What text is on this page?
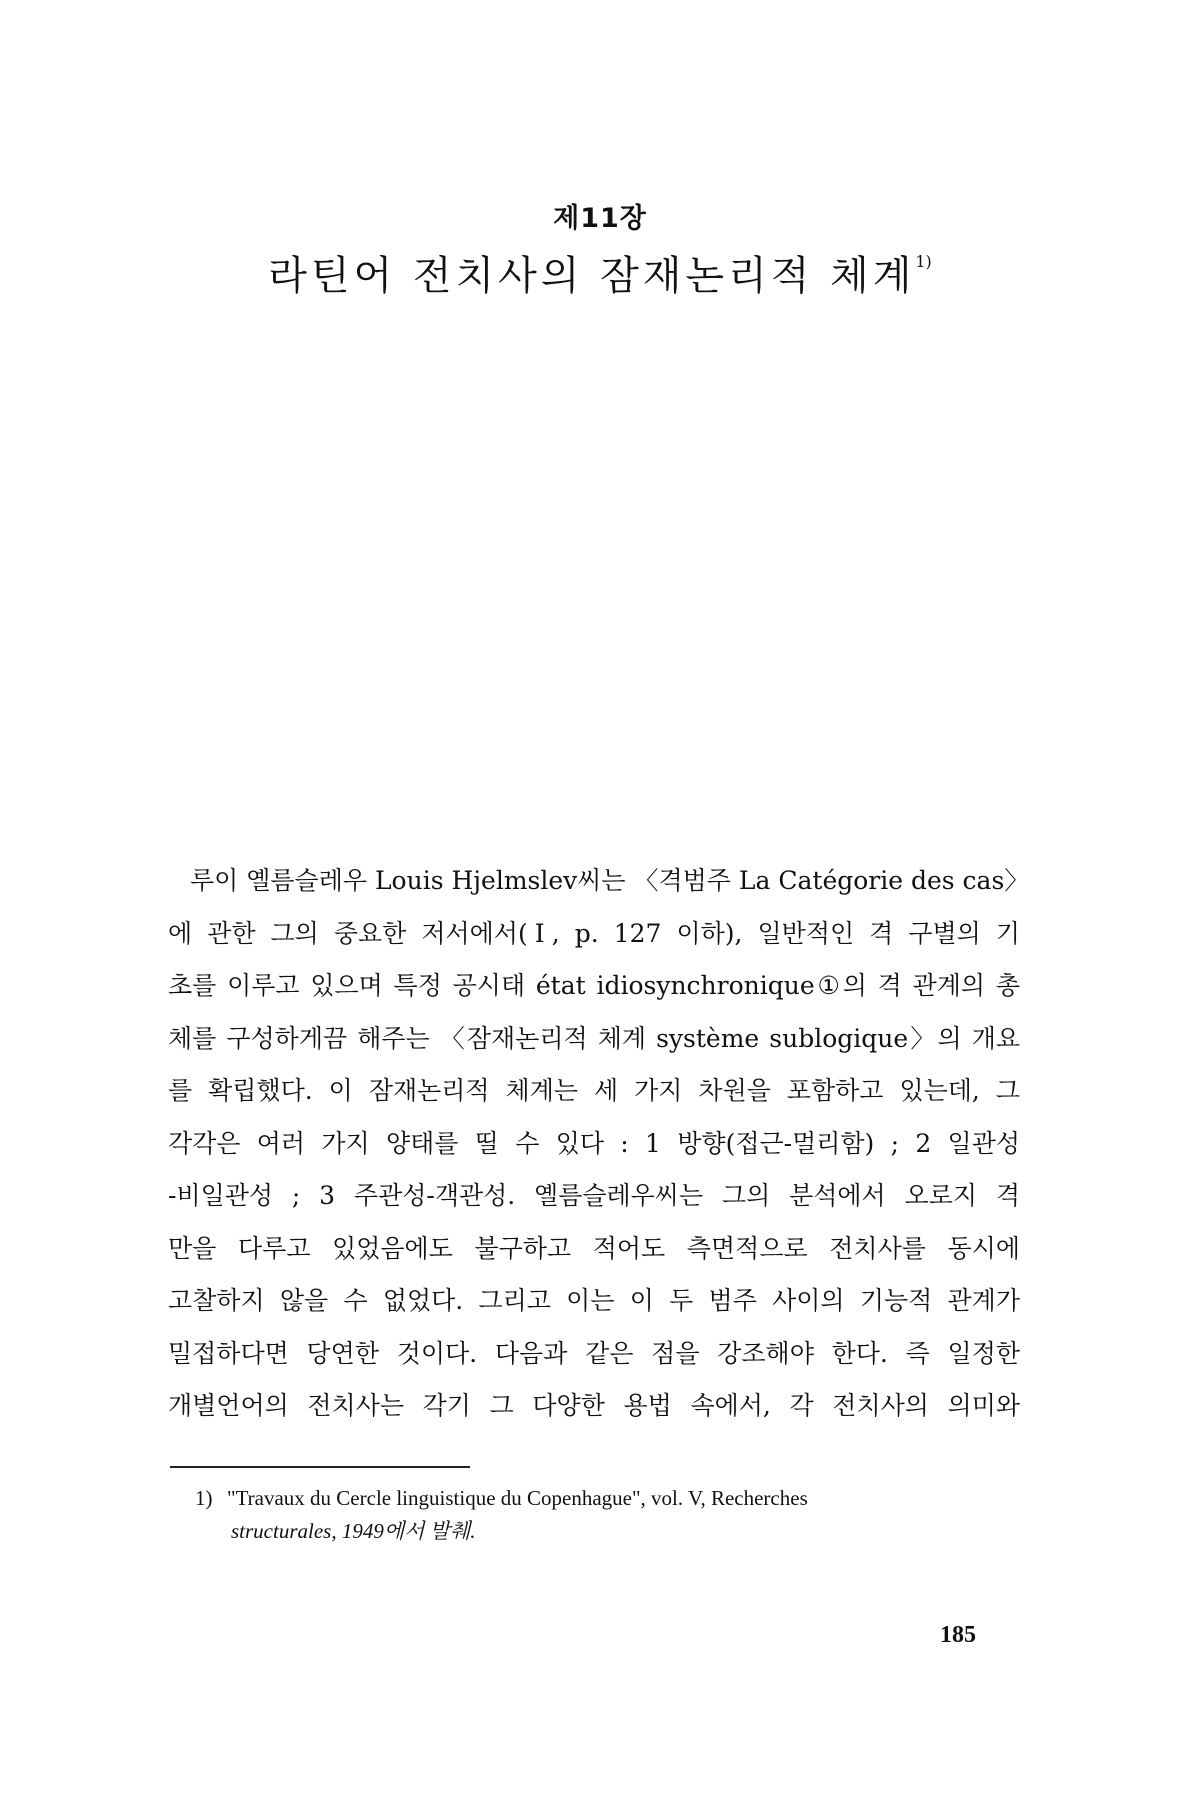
제11장
라틴어 전치사의 잠재논리적 체계$^{1)}$
루이 옐름슬레우 Louis Hjelmslev씨는 〈격범주 La Catégorie des cas〉
에 관한 그의 중요한 저서에서(Ⅰ, p. 127 이하), 일반적인 격 구별의 기
초를 이루고 있으며 특정 공시태 état idiosynchronique①의 격 관계의 총
체를 구성하게끔 해주는 〈잠재논리적 체계 système sublogique〉의 개요
를 확립했다. 이 잠재논리적 체계는 세 가지 차원을 포함하고 있는데, 그
각각은 여러 가지 양태를 띨 수 있다 : 1 방향(접근-멀리함) ; 2 일관성
-비일관성 ; 3 주관성-객관성. 옐름슬레우씨는 그의 분석에서 오로지 격
만을 다루고 있었음에도 불구하고 적어도 측면적으로 전치사를 동시에
고찰하지 않을 수 없었다. 그리고 이는 이 두 범주 사이의 기능적 관계가
밀접하다면 당연한 것이다. 다음과 같은 점을 강조해야 한다. 즉 일정한
개별언어의 전치사는 각기 그 다양한 용법 속에서, 각 전치사의 의미와
1) "Travaux du Cercle linguistique du Copenhague", vol. V, Recherches
structurales, 1949에서 발췌.
185
